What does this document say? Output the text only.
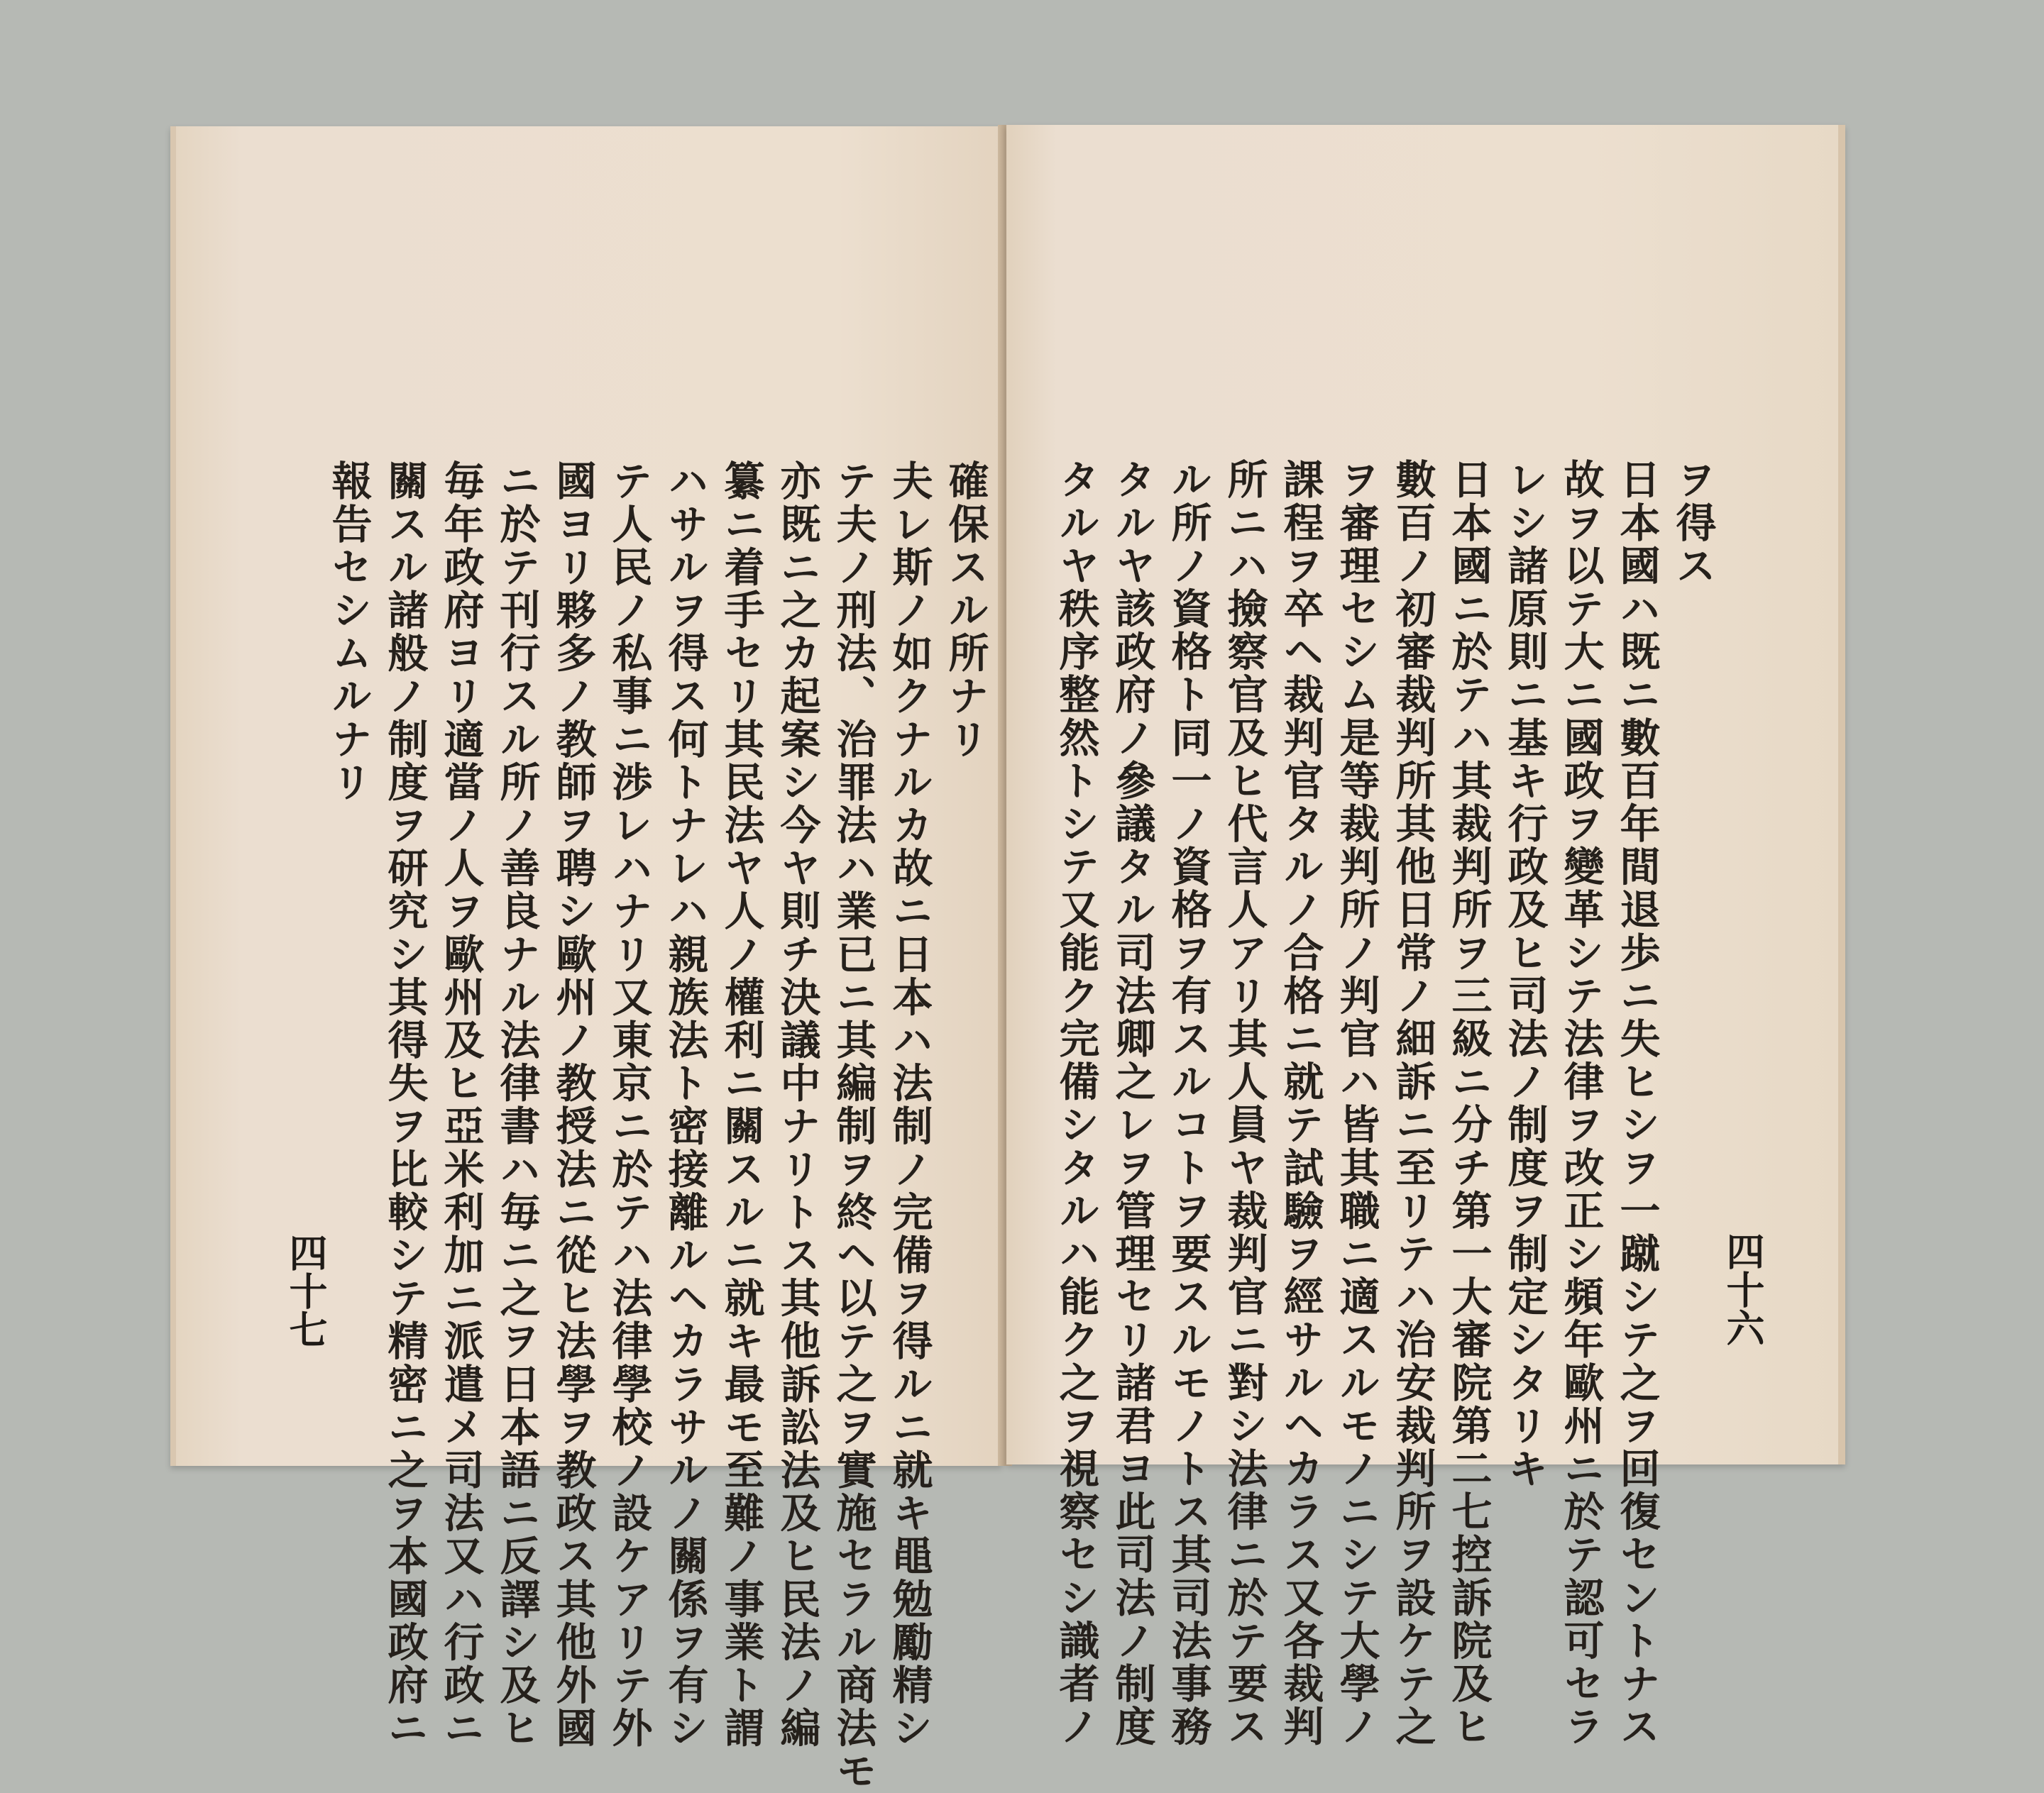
確保スル所ナリ
夫レ斯ノ如クナルカ故ニ日本ハ法制ノ完備ヲ得ルニ就キ黽勉勵精シ
テ夫ノ刑法、治罪法ハ業已ニ其編制ヲ終ヘ以テ之ヲ實施セラル商法モ
亦既ニ之カ起案シ今ヤ則チ決議中ナリトス其他訴訟法及ヒ民法ノ編
纂ニ着手セリ其民法ヤ人ノ權利ニ關スルニ就キ最モ至難ノ事業ト謂
ハサルヲ得ス何トナレハ親族法ト密接離ルヘカラサルノ關係ヲ有シ
テ人民ノ私事ニ渉レハナリ又東京ニ於テハ法律學校ノ設ケアリテ外
國ヨリ夥多ノ教師ヲ聘シ歐州ノ教授法ニ從ヒ法學ヲ教政ス其他外國
ニ於テ刊行スル所ノ善良ナル法律書ハ毎ニ之ヲ日本語ニ反譯シ及ヒ
毎年政府ヨリ適當ノ人ヲ歐州及ヒ亞米利加ニ派遣メ司法又ハ行政ニ
關スル諸般ノ制度ヲ研究シ其得失ヲ比較シテ精密ニ之ヲ本國政府ニ
報告セシムルナリ
四十七
ヲ得ス
日本國ハ既ニ數百年間退歩ニ失ヒシヲ一蹴シテ之ヲ回復セントナス
故ヲ以テ大ニ國政ヲ變革シテ法律ヲ改正シ頻年歐州ニ於テ認可セラ
レシ諸原則ニ基キ行政及ヒ司法ノ制度ヲ制定シタリキ
日本國ニ於テハ其裁判所ヲ三級ニ分チ第一大審院第二七控訴院及ヒ
數百ノ初審裁判所其他日常ノ細訴ニ至リテハ治安裁判所ヲ設ケテ之
ヲ審理セシム是等裁判所ノ判官ハ皆其職ニ適スルモノニシテ大學ノ
課程ヲ卒ヘ裁判官タルノ合格ニ就テ試驗ヲ經サルヘカラス又各裁判
所ニハ撿察官及ヒ代言人アリ其人員ヤ裁判官ニ對シ法律ニ於テ要ス
ル所ノ資格ト同一ノ資格ヲ有スルコトヲ要スルモノトス其司法事務
タルヤ該政府ノ參議タル司法卿之レヲ管理セリ諸君ヨ此司法ノ制度
タルヤ秩序整然トシテ又能ク完備シタルハ能ク之ヲ視察セシ識者ノ	四十六
